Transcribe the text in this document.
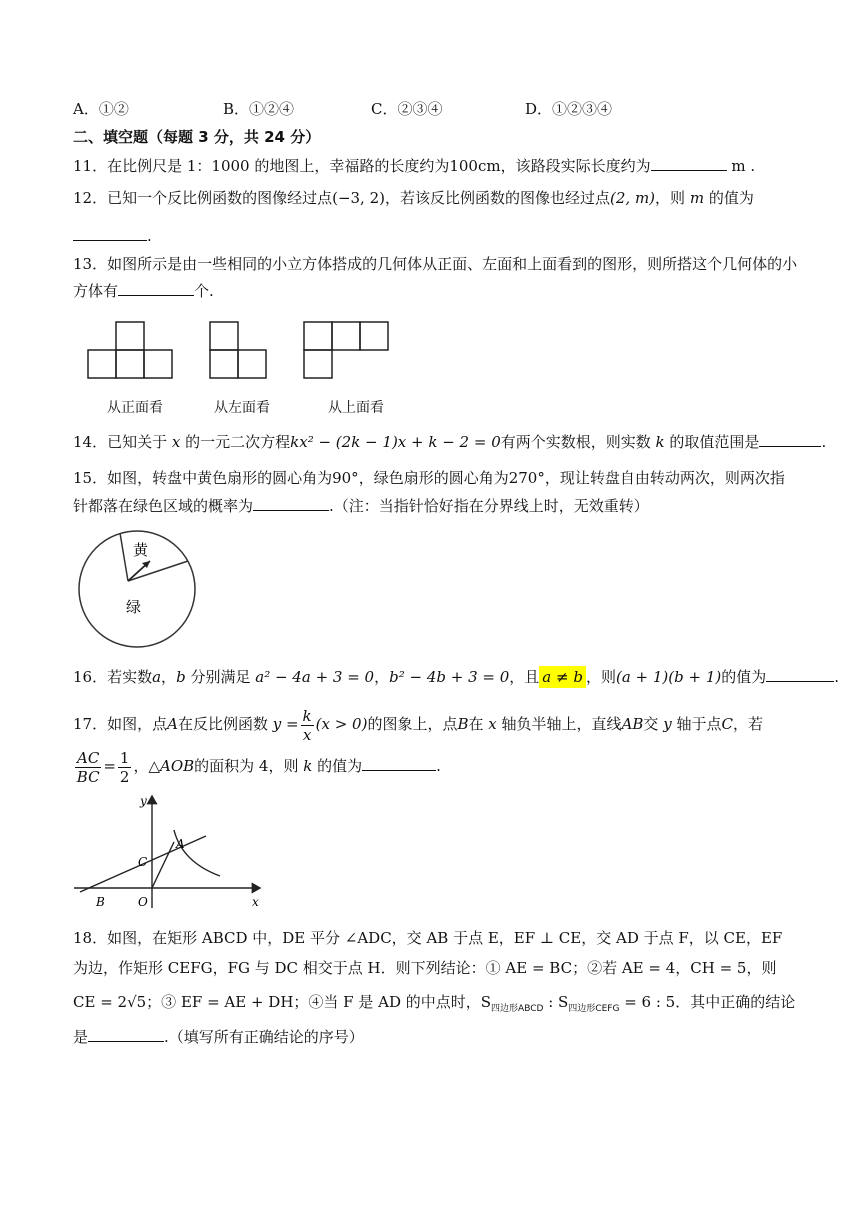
A．①②	B．①②④	C．②③④	D．①②③④
二、填空题（每题 3 分，共 24 分）
11．在比例尺是 1：1000 的地图上，幸福路的长度约为100cm，该路段实际长度约为	m .
12．已知一个反比例函数的图像经过点(−3, 2)，若该反比例函数的图像也经过点(2, m)，则 m 的值为
.
13．如图所示是由一些相同的小立方体搭成的几何体从正面、左面和上面看到的图形，则所搭这个几何体的小
方体有	个.
从正面看	从左面看	从上面看
14．已知关于 x 的一元二次方程kx² − (2k − 1)x + k − 2 = 0有两个实数根，则实数 k 的取值范围是	.
15．如图，转盘中黄色扇形的圆心角为90°，绿色扇形的圆心角为270°，现让转盘自由转动两次，则两次指
针都落在绿色区域的概率为	.（注：当指针恰好指在分界线上时，无效重转）
黄
绿
16．若实数a，b 分别满足 a² − 4a + 3 = 0，b² − 4b + 3 = 0，且 a ≠ b ，则(a + 1)(b + 1)的值为	.
17．如图，点A在反比例函数 $y = \frac{k}{x} (x > 0)$的图象上，点B在 x 轴负半轴上，直线AB交 y 轴于点C，若
$\frac{AC}{BC} = \frac{1}{2}$ ，△AOB的面积为 4，则 k 的值为	.
y
A
C
B	O	x
18．如图，在矩形 ABCD 中，DE 平分 ∠ADC，交 AB 于点 E，EF ⊥ CE，交 AD 于点 F，以 CE，EF
为边，作矩形 CEFG，FG 与 DC 相交于点 H．则下列结论：① AE = BC；②若 AE = 4，CH = 5，则
CE = 2√5；③ EF = AE + DH；④当 F 是 AD 的中点时，$S_{四边形ABCD}$ : $S_{四边形CEFG} = 6$ : 5．其中正确的结论
是	.（填写所有正确结论的序号）
